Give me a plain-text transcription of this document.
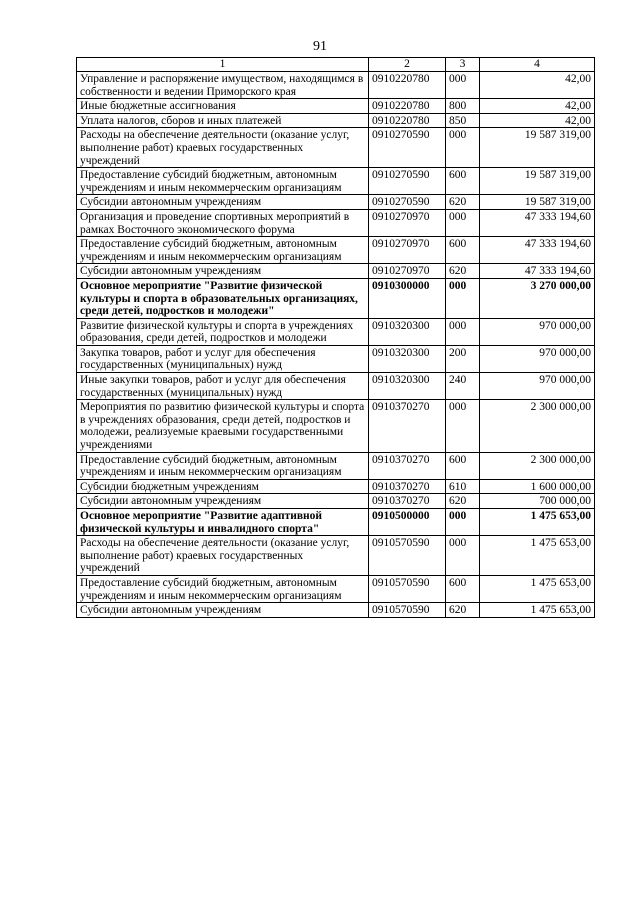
91
1	2	3	4
Управление и распоряжение имуществом, находящимся в собственности и ведении Приморского края	0910220780	000	42,00
Иные бюджетные ассигнования	0910220780	800	42,00
Уплата налогов, сборов и иных платежей	0910220780	850	42,00
Расходы на обеспечение деятельности (оказание услуг, выполнение работ) краевых государственных учреждений	0910270590	000	19 587 319,00
Предоставление субсидий бюджетным, автономным учреждениям и иным некоммерческим организациям	0910270590	600	19 587 319,00
Субсидии автономным учреждениям	0910270590	620	19 587 319,00
Организация и проведение спортивных мероприятий в рамках Восточного экономического форума	0910270970	000	47 333 194,60
Предоставление субсидий бюджетным, автономным учреждениям и иным некоммерческим организациям	0910270970	600	47 333 194,60
Субсидии автономным учреждениям	0910270970	620	47 333 194,60
Основное мероприятие "Развитие физической культуры и спорта в образовательных организациях, среди детей, подростков и молодежи"	0910300000	000	3 270 000,00
Развитие физической культуры и спорта в учреждениях образования, среди детей, подростков и молодежи	0910320300	000	970 000,00
Закупка товаров, работ и услуг для обеспечения государственных (муниципальных) нужд	0910320300	200	970 000,00
Иные закупки товаров, работ и услуг для обеспечения государственных (муниципальных) нужд	0910320300	240	970 000,00
Мероприятия по развитию физической культуры и спорта в учреждениях образования, среди детей, подростков и молодежи, реализуемые краевыми государственными учреждениями	0910370270	000	2 300 000,00
Предоставление субсидий бюджетным, автономным учреждениям и иным некоммерческим организациям	0910370270	600	2 300 000,00
Субсидии бюджетным учреждениям	0910370270	610	1 600 000,00
Субсидии автономным учреждениям	0910370270	620	700 000,00
Основное мероприятие "Развитие адаптивной физической культуры и инвалидного спорта"	0910500000	000	1 475 653,00
Расходы на обеспечение деятельности (оказание услуг, выполнение работ) краевых государственных учреждений	0910570590	000	1 475 653,00
Предоставление субсидий бюджетным, автономным учреждениям и иным некоммерческим организациям	0910570590	600	1 475 653,00
Субсидии автономным учреждениям	0910570590	620	1 475 653,00
